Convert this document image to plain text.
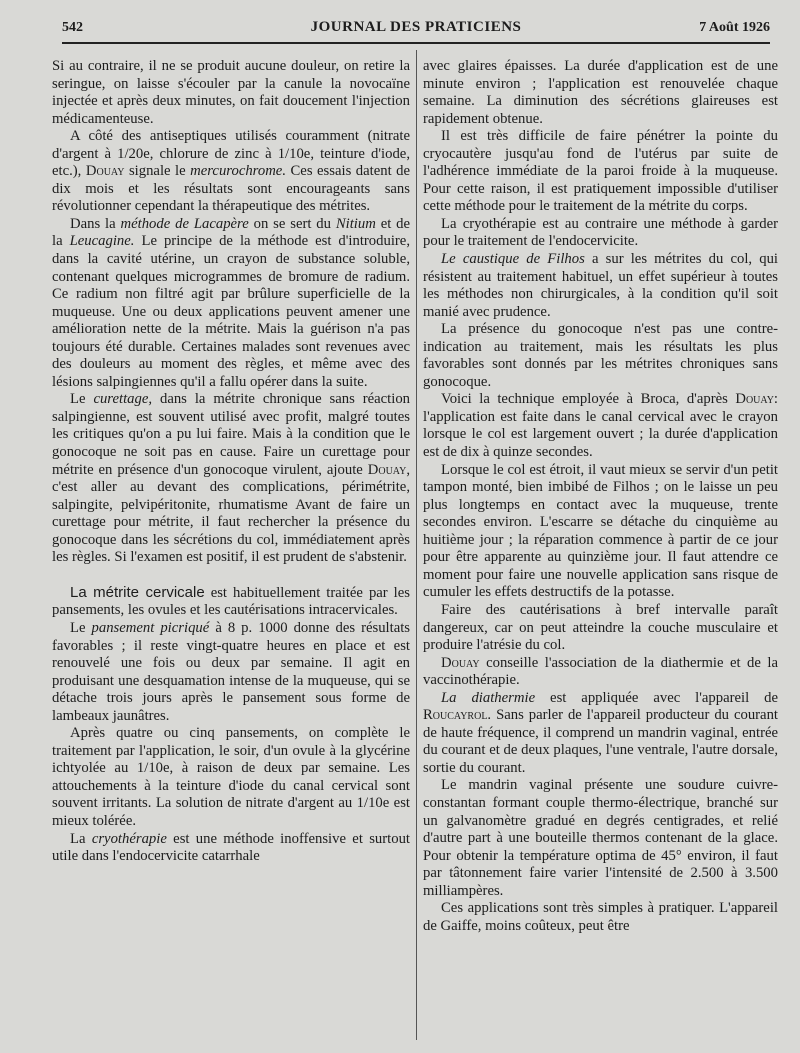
542	JOURNAL DES PRATICIENS	7 Août 1926

Si au contraire, il ne se produit aucune douleur, on retire la seringue, on laisse s'écouler par la canule la novocaïne injectée et après deux minutes, on fait doucement l'injection médicamenteuse.

A côté des antiseptiques utilisés couramment (nitrate d'argent à 1/20e, chlorure de zinc à 1/10e, teinture d'iode, etc.), Douay signale le mercurochrome. Ces essais datent de dix mois et les résultats sont encourageants sans révolutionner cependant la thérapeutique des métrites.

Dans la méthode de Lacapère on se sert du Nitium et de la Leucagine. Le principe de la méthode est d'introduire, dans la cavité utérine, un crayon de substance soluble, contenant quelques microgrammes de bromure de radium. Ce radium non filtré agit par brûlure superficielle de la muqueuse. Une ou deux applications peuvent amener une amélioration nette de la métrite. Mais la guérison n'a pas toujours été durable. Certaines malades sont revenues avec des douleurs au moment des règles, et même avec des lésions salpingiennes qu'il a fallu opérer dans la suite.

Le curettage, dans la métrite chronique sans réaction salpingienne, est souvent utilisé avec profit, malgré toutes les critiques qu'on a pu lui faire. Mais à la condition que le gonocoque ne soit pas en cause. Faire un curettage pour métrite en présence d'un gonocoque virulent, ajoute Douay, c'est aller au devant des complications, périmétrite, salpingite, pelvipéritonite, rhumatisme Avant de faire un curettage pour métrite, il faut rechercher la présence du gonocoque dans les sécrétions du col, immédiatement après les règles. Si l'examen est positif, il est prudent de s'abstenir.

La métrite cervicale est habituellement traitée par les pansements, les ovules et les cautérisations intracervicales.

Le pansement picriqué à 8 p. 1000 donne des résultats favorables ; il reste vingt-quatre heures en place et est renouvelé une fois ou deux par semaine. Il agit en produisant une desquamation intense de la muqueuse, qui se détache trois jours après le pansement sous forme de lambeaux jaunâtres.

Après quatre ou cinq pansements, on complète le traitement par l'application, le soir, d'un ovule à la glycérine ichtyolée au 1/10e, à raison de deux par semaine. Les attouchements à la teinture d'iode du canal cervical sont souvent irritants. La solution de nitrate d'argent au 1/10e est mieux tolérée.

La cryothérapie est une méthode inoffensive et surtout utile dans l'endocervicite catarrhale

avec glaires épaisses. La durée d'application est de une minute environ ; l'application est renouvelée chaque semaine. La diminution des sécrétions glaireuses est rapidement obtenue.

Il est très difficile de faire pénétrer la pointe du cryocautère jusqu'au fond de l'utérus par suite de l'adhérence immédiate de la paroi froide à la muqueuse. Pour cette raison, il est pratiquement impossible d'utiliser cette méthode pour le traitement de la métrite du corps.

La cryothérapie est au contraire une méthode à garder pour le traitement de l'endocervicite.

Le caustique de Filhos a sur les métrites du col, qui résistent au traitement habituel, un effet supérieur à toutes les méthodes non chirurgicales, à la condition qu'il soit manié avec prudence.

La présence du gonocoque n'est pas une contre-indication au traitement, mais les résultats les plus favorables sont donnés par les métrites chroniques sans gonocoque.

Voici la technique employée à Broca, d'après Douay: l'application est faite dans le canal cervical avec le crayon lorsque le col est largement ouvert ; la durée d'application est de dix à quinze secondes.

Lorsque le col est étroit, il vaut mieux se servir d'un petit tampon monté, bien imbibé de Filhos ; on le laisse un peu plus longtemps en contact avec la muqueuse, trente secondes environ. L'escarre se détache du cinquième au huitième jour ; la réparation commence à partir de ce jour pour être apparente au quinzième jour. Il faut attendre ce moment pour faire une nouvelle application sans risque de cumuler les effets destructifs de la potasse.

Faire des cautérisations à bref intervalle paraît dangereux, car on peut atteindre la couche musculaire et produire l'atrésie du col.

Douay conseille l'association de la diathermie et de la vaccinothérapie.

La diathermie est appliquée avec l'appareil de Roucayrol. Sans parler de l'appareil producteur du courant de haute fréquence, il comprend un mandrin vaginal, entrée du courant et de deux plaques, l'une ventrale, l'autre dorsale, sortie du courant.

Le mandrin vaginal présente une soudure cuivre-constantan formant couple thermo-électrique, branché sur un galvanomètre gradué en degrés centigrades, et relié d'autre part à une bouteille thermos contenant de la glace. Pour obtenir la température optima de 45° environ, il faut par tâtonnement faire varier l'intensité de 2.500 à 3.500 milliampères.

Ces applications sont très simples à pratiquer. L'appareil de Gaiffe, moins coûteux, peut être
